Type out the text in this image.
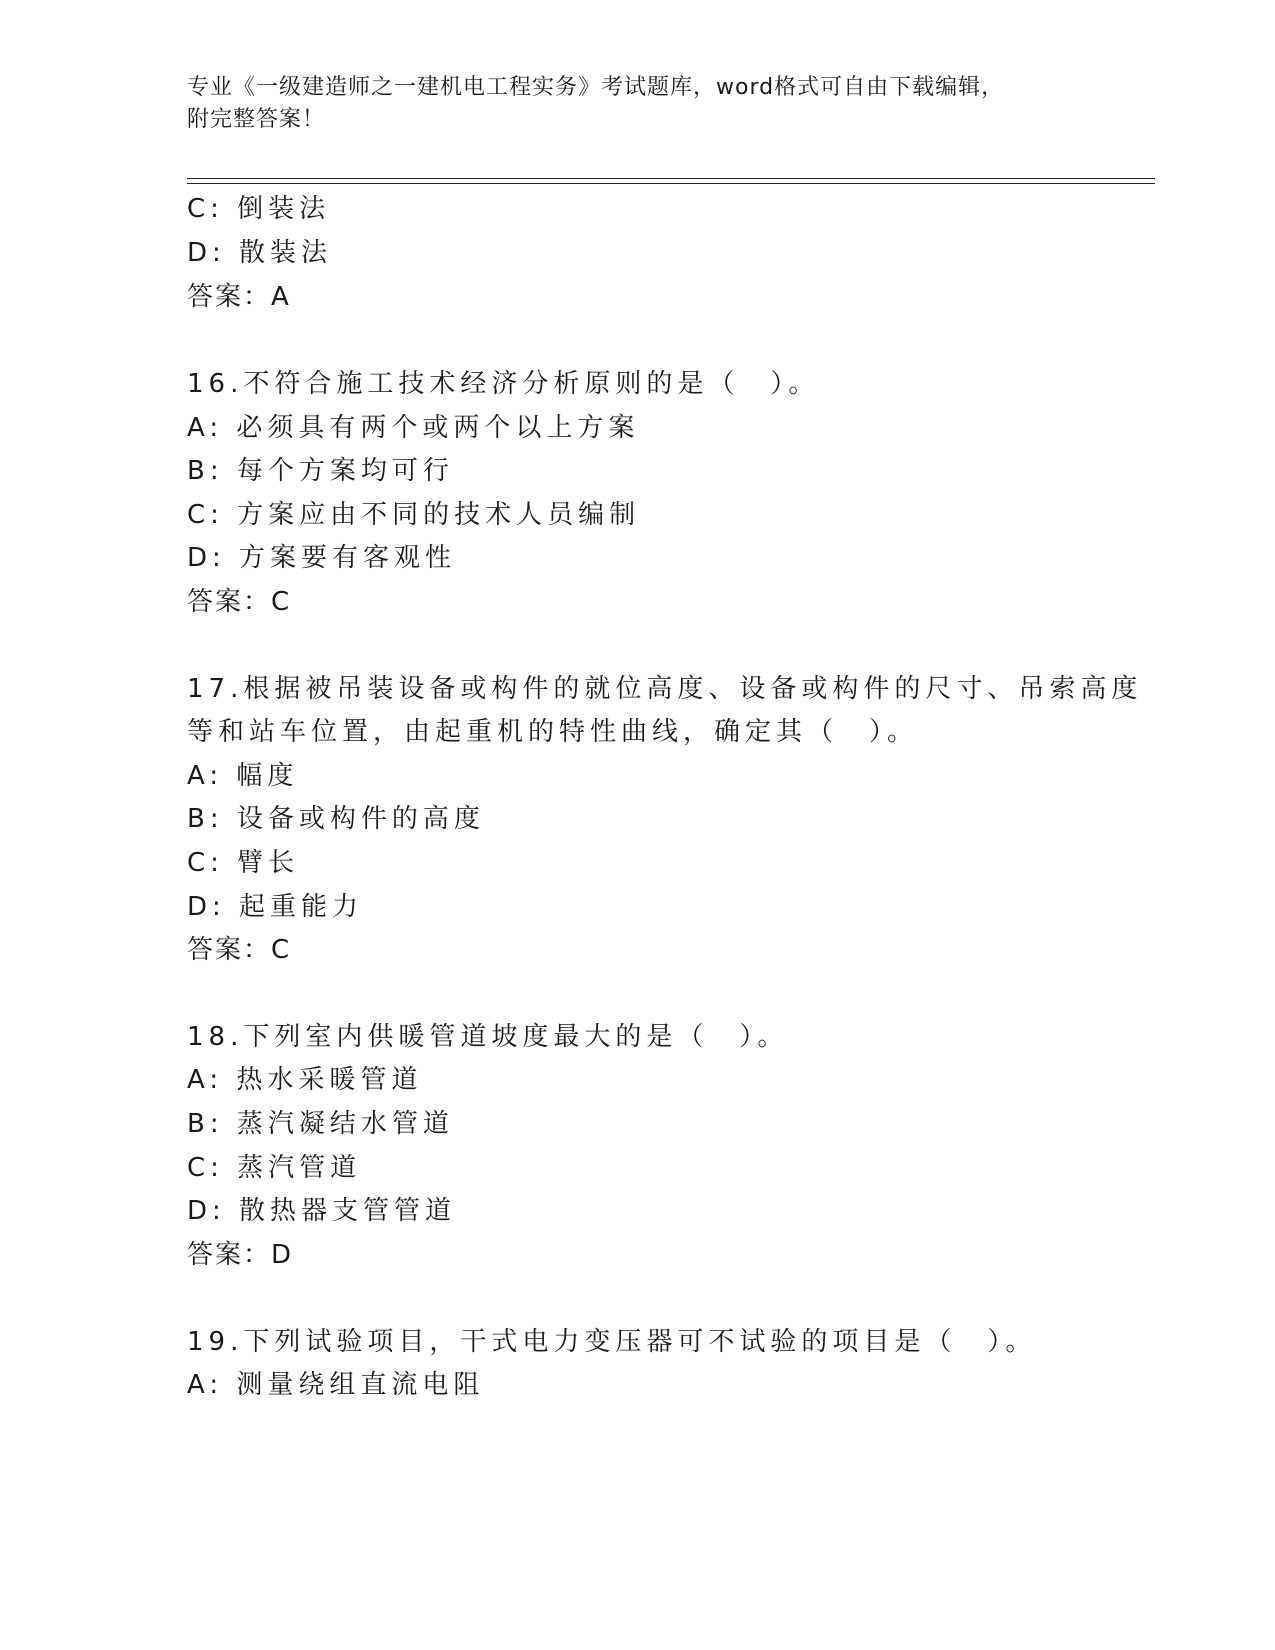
专业《一级建造师之一建机电工程实务》考试题库，word格式可自由下载编辑，
附完整答案！
C: 倒装法
D: 散装法
答案：A
16.不符合施工技术经济分析原则的是（　）。
A: 必须具有两个或两个以上方案
B: 每个方案均可行
C: 方案应由不同的技术人员编制
D: 方案要有客观性
答案：C
17.根据被吊装设备或构件的就位高度、设备或构件的尺寸、吊索高度
等和站车位置，由起重机的特性曲线，确定其（　）。
A: 幅度
B: 设备或构件的高度
C: 臂长
D: 起重能力
答案：C
18.下列室内供暖管道坡度最大的是（　）。
A: 热水采暖管道
B: 蒸汽凝结水管道
C: 蒸汽管道
D: 散热器支管管道
答案：D
19.下列试验项目，干式电力变压器可不试验的项目是（　）。
A: 测量绕组直流电阻
